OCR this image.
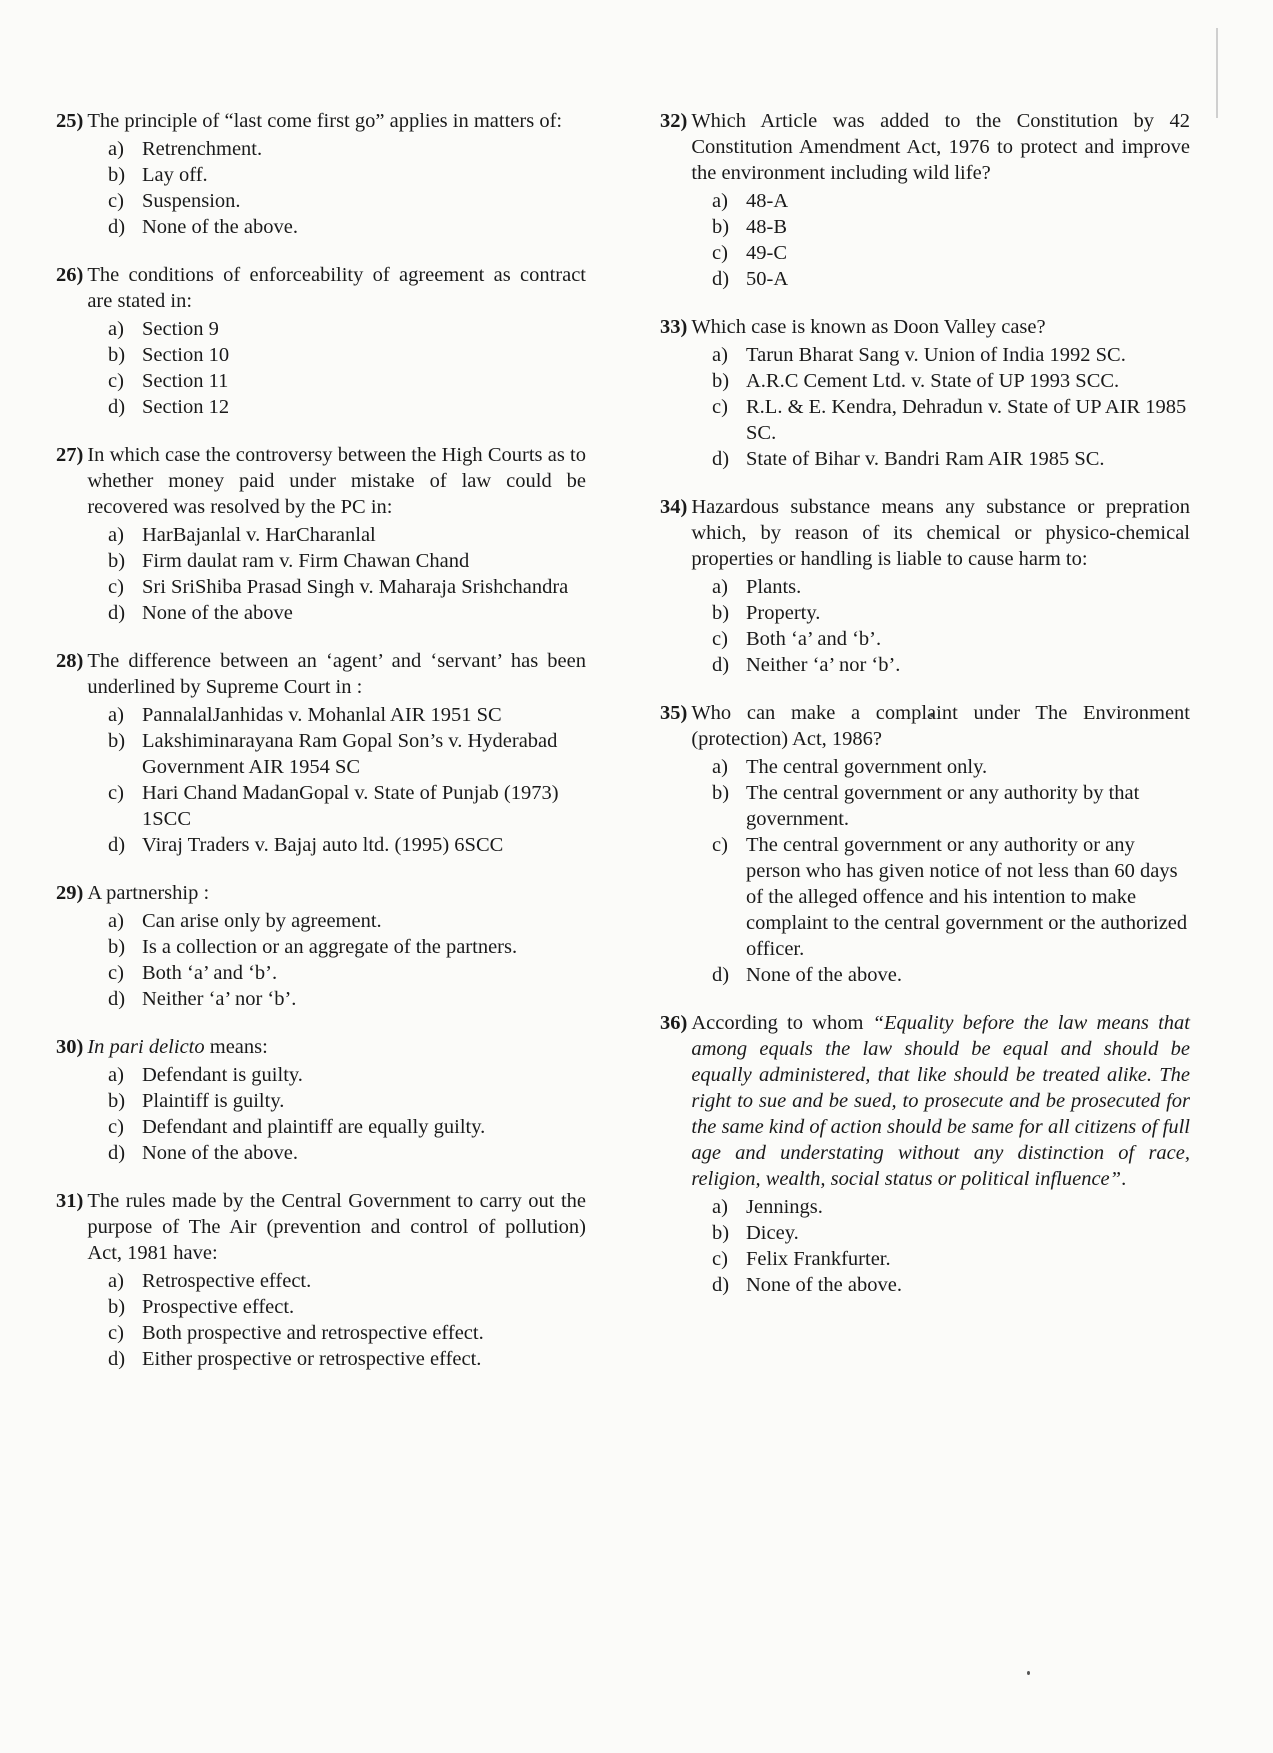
25) The principle of “last come first go” applies in matters of:
a) Retrenchment.
b) Lay off.
c) Suspension.
d) None of the above.
26) The conditions of enforceability of agreement as contract are stated in:
a) Section 9
b) Section 10
c) Section 11
d) Section 12
27) In which case the controversy between the High Courts as to whether money paid under mistake of law could be recovered was resolved by the PC in:
a) HarBajanlal v. HarCharanlal
b) Firm daulat ram v. Firm Chawan Chand
c) Sri SriShiba Prasad Singh v. Maharaja Srishchandra
d) None of the above
28) The difference between an ‘agent’ and ‘servant’ has been underlined by Supreme Court in :
a) PannalalJanhidas v. Mohanlal AIR 1951 SC
b) Lakshiminarayana Ram Gopal Son’s v. Hyderabad Government AIR 1954 SC
c) Hari Chand MadanGopal v. State of Punjab (1973) 1SCC
d) Viraj Traders v. Bajaj auto ltd. (1995) 6SCC
29) A partnership :
a) Can arise only by agreement.
b) Is a collection or an aggregate of the partners.
c) Both ‘a’ and ‘b’.
d) Neither ‘a’ nor ‘b’.
30) In pari delicto means:
a) Defendant is guilty.
b) Plaintiff is guilty.
c) Defendant and plaintiff are equally guilty.
d) None of the above.
31) The rules made by the Central Government to carry out the purpose of The Air (prevention and control of pollution) Act, 1981 have:
a) Retrospective effect.
b) Prospective effect.
c) Both prospective and retrospective effect.
d) Either prospective or retrospective effect.
32) Which Article was added to the Constitution by 42 Constitution Amendment Act, 1976 to protect and improve the environment including wild life?
a) 48-A
b) 48-B
c) 49-C
d) 50-A
33) Which case is known as Doon Valley case?
a) Tarun Bharat Sang v. Union of India 1992 SC.
b) A.R.C Cement Ltd. v. State of UP 1993 SCC.
c) R.L. & E. Kendra, Dehradun v. State of UP AIR 1985 SC.
d) State of Bihar v. Bandri Ram AIR 1985 SC.
34) Hazardous substance means any substance or prepration which, by reason of its chemical or physico-chemical properties or handling is liable to cause harm to:
a) Plants.
b) Property.
c) Both ‘a’ and ‘b’.
d) Neither ‘a’ nor ‘b’.
35) Who can make a complaint under The Environment (protection) Act, 1986?
a) The central government only.
b) The central government or any authority by that government.
c) The central government or any authority or any person who has given notice of not less than 60 days of the alleged offence and his intention to make complaint to the central government or the authorized officer.
d) None of the above.
36) According to whom “Equality before the law means that among equals the law should be equal and should be equally administered, that like should be treated alike. The right to sue and be sued, to prosecute and be prosecuted for the same kind of action should be same for all citizens of full age and understating without any distinction of race, religion, wealth, social status or political influence”.
a) Jennings.
b) Dicey.
c) Felix Frankfurter.
d) None of the above.
